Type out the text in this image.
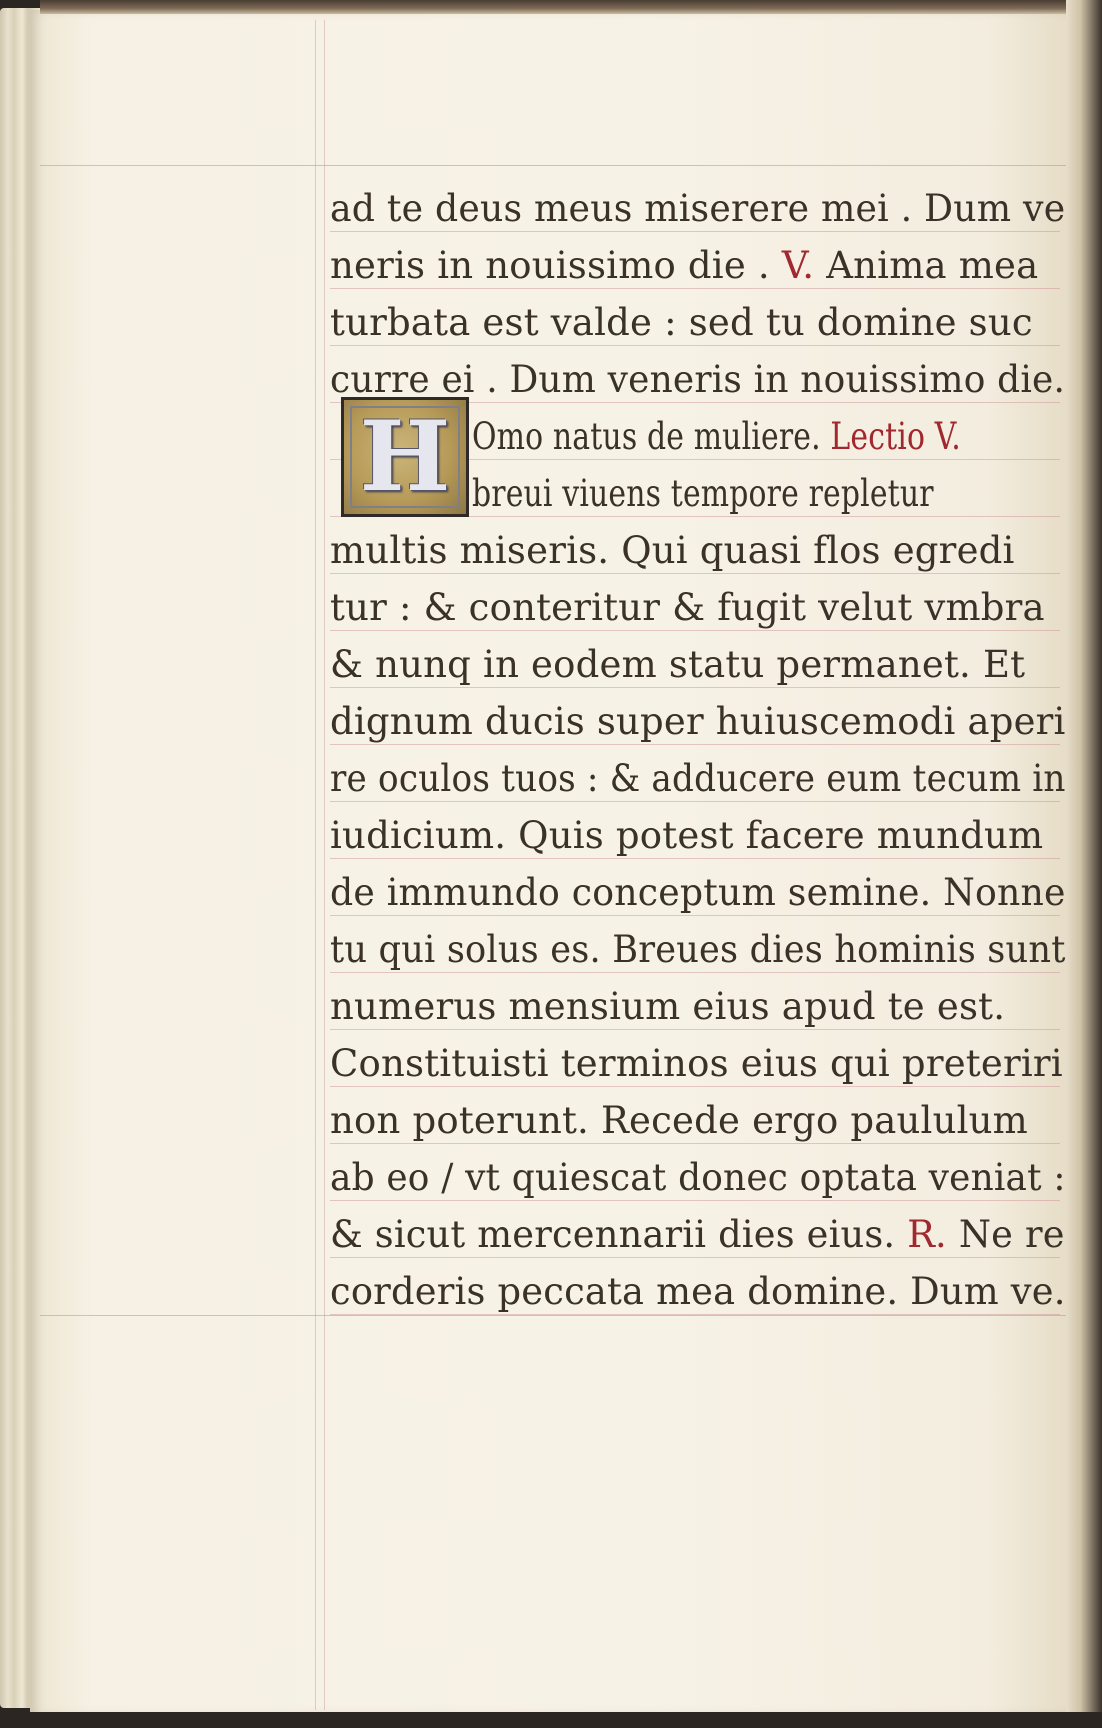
H
ad te deus meus miserere mei . Dum ve
neris in nouissimo die . V. Anima mea
turbata est valde : sed tu domine suc
curre ei . Dum veneris in nouissimo die.
Omo natus de muliere. Lectio V.
breui viuens tempore repletur
multis miseris. Qui quasi flos egredi
tur : & conteritur & fugit velut vmbra
& nunq in eodem statu permanet. Et
dignum ducis super huiuscemodi aperi
re oculos tuos : & adducere eum tecum in
iudicium. Quis potest facere mundum
de immundo conceptum semine. Nonne
tu qui solus es. Breues dies hominis sunt
numerus mensium eius apud te est.
Constituisti terminos eius qui preteriri
non poterunt. Recede ergo paululum
ab eo / vt quiescat donec optata veniat :
& sicut mercennarii dies eius. R. Ne re
corderis peccata mea domine. Dum ve.
